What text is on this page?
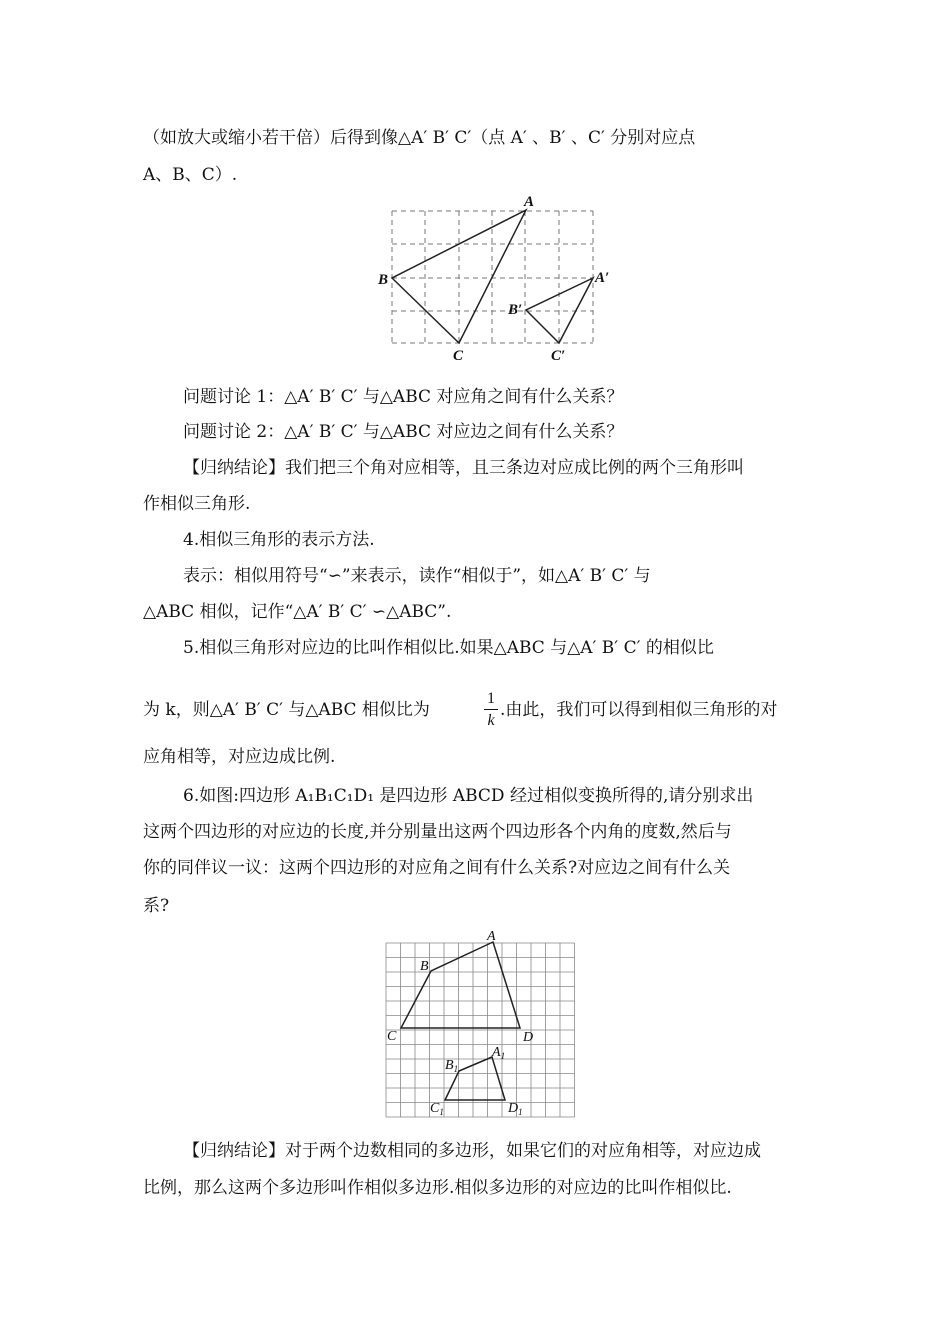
（如放大或缩小若干倍）后得到像△A′ B′ C′（点 A′ 、B′ 、C′ 分别对应点
A、B、C）.
A
B
C
A′
B′
C′
问题讨论 1：△A′ B′ C′ 与△ABC 对应角之间有什么关系？
问题讨论 2：△A′ B′ C′ 与△ABC 对应边之间有什么关系？
【归纳结论】我们把三个角对应相等，且三条边对应成比例的两个三角形叫
作相似三角形.
4.相似三角形的表示方法.
表示：相似用符号“∽”来表示，读作“相似于”，如△A′ B′ C′ 与
△ABC 相似，记作“△A′ B′ C′ ∽△ABC”.
5.相似三角形对应边的比叫作相似比.如果△ABC 与△A′ B′ C′ 的相似比
为 k，则△A′ B′ C′ 与△ABC 相似比为
1
k
.由此，我们可以得到相似三角形的对
应角相等，对应边成比例.
6.如图:四边形 A₁B₁C₁D₁ 是四边形 ABCD 经过相似变换所得的,请分别求出
这两个四边形的对应边的长度,并分别量出这两个四边形各个内角的度数,然后与
你的同伴议一议：这两个四边形的对应角之间有什么关系?对应边之间有什么关
系?
A
B
C	D
$A_1$
$B_1$
$C_1$	$D_1$
【归纳结论】对于两个边数相同的多边形，如果它们的对应角相等，对应边成
比例，那么这两个多边形叫作相似多边形.相似多边形的对应边的比叫作相似比.
